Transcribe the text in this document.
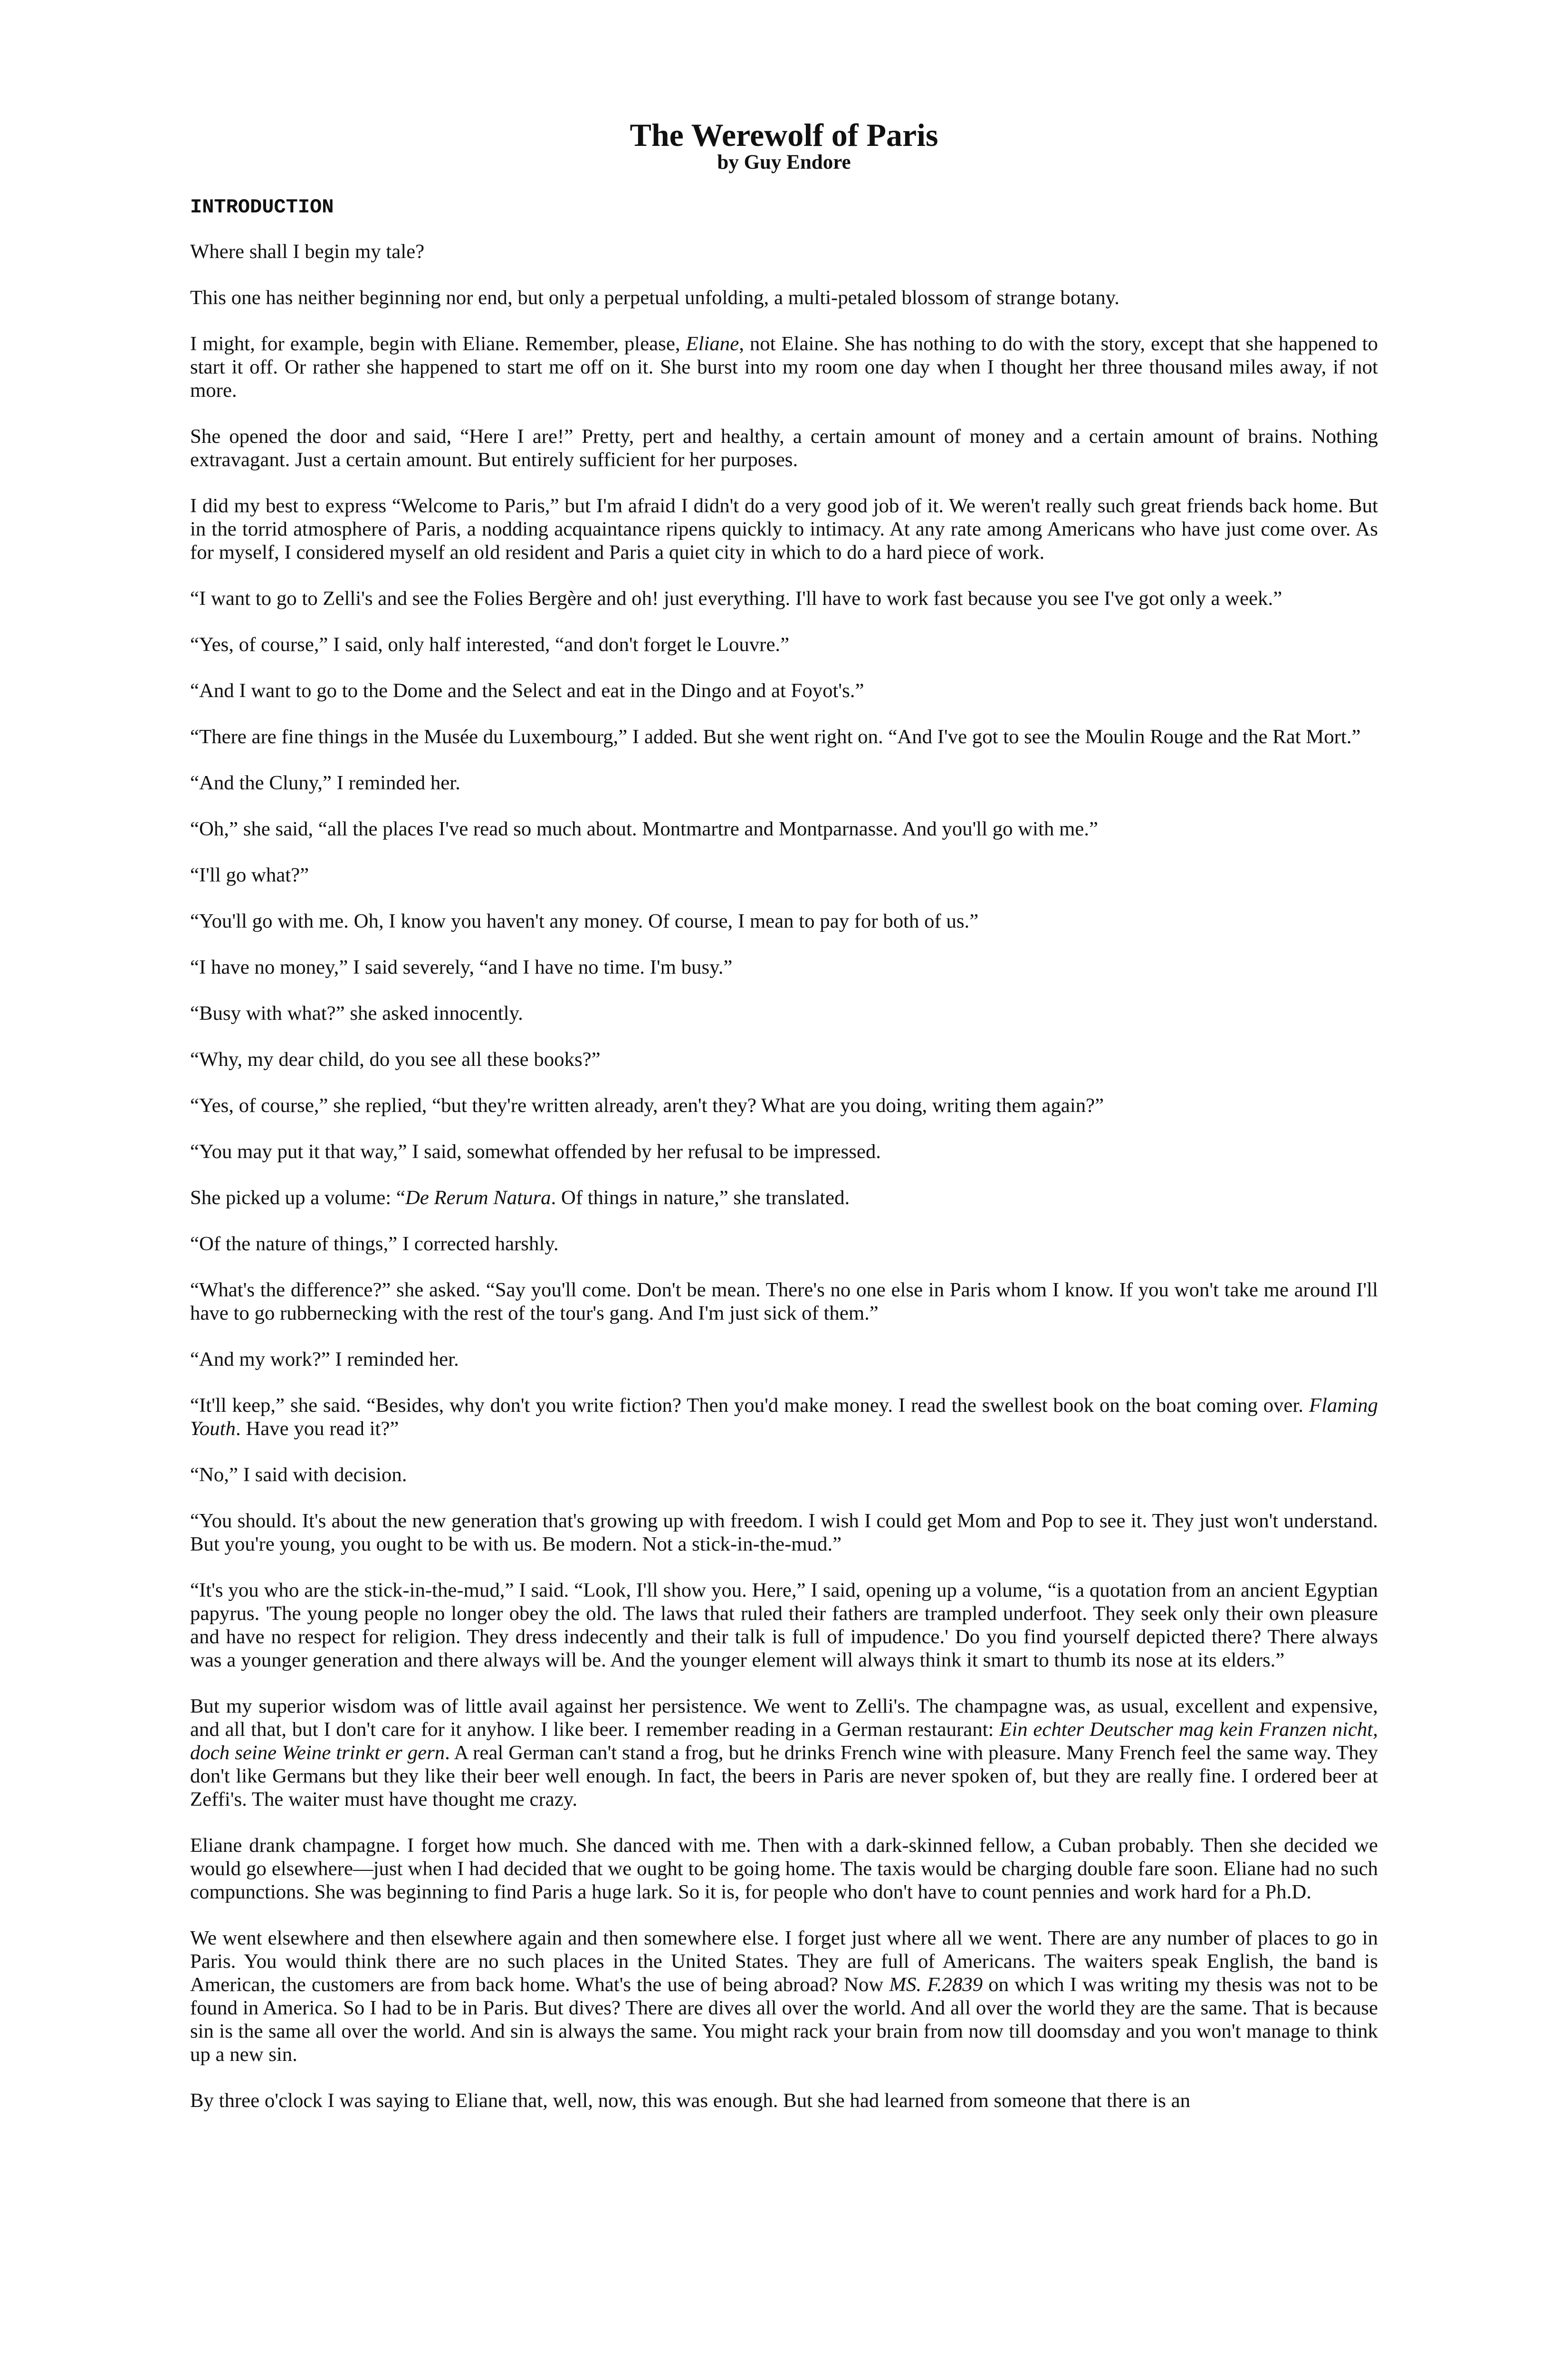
The Werewolf of Paris
by Guy Endore
INTRODUCTION

Where shall I begin my tale?

This one has neither beginning nor end, but only a perpetual unfolding, a multi-petaled blossom of strange botany.

I might, for example, begin with Eliane. Remember, please, Eliane, not Elaine. She has nothing to do with the story, except that she happened to start it off. Or rather she happened to start me off on it. She burst into my room one day when I thought her three thousand miles away, if not more.

She opened the door and said, “Here I are!” Pretty, pert and healthy, a certain amount of money and a certain amount of brains. Nothing extravagant. Just a certain amount. But entirely sufficient for her purposes.

I did my best to express “Welcome to Paris,” but I'm afraid I didn't do a very good job of it. We weren't really such great friends back home. But in the torrid atmosphere of Paris, a nodding acquaintance ripens quickly to intimacy. At any rate among Americans who have just come over. As for myself, I considered myself an old resident and Paris a quiet city in which to do a hard piece of work.

“I want to go to Zelli's and see the Folies Bergère and oh! just everything. I'll have to work fast because you see I've got only a week.”

“Yes, of course,” I said, only half interested, “and don't forget le Louvre.”

“And I want to go to the Dome and the Select and eat in the Dingo and at Foyot's.”

“There are fine things in the Musée du Luxembourg,” I added. But she went right on. “And I've got to see the Moulin Rouge and the Rat Mort.”

“And the Cluny,” I reminded her.

“Oh,” she said, “all the places I've read so much about. Montmartre and Montparnasse. And you'll go with me.”

“I'll go what?”

“You'll go with me. Oh, I know you haven't any money. Of course, I mean to pay for both of us.”

“I have no money,” I said severely, “and I have no time. I'm busy.”

“Busy with what?” she asked innocently.

“Why, my dear child, do you see all these books?”

“Yes, of course,” she replied, “but they're written already, aren't they? What are you doing, writing them again?”

“You may put it that way,” I said, somewhat offended by her refusal to be impressed.

She picked up a volume: “De Rerum Natura. Of things in nature,” she translated.

“Of the nature of things,” I corrected harshly.

“What's the difference?” she asked. “Say you'll come. Don't be mean. There's no one else in Paris whom I know. If you won't take me around I'll have to go rubbernecking with the rest of the tour's gang. And I'm just sick of them.”

“And my work?” I reminded her.

“It'll keep,” she said. “Besides, why don't you write fiction? Then you'd make money. I read the swellest book on the boat coming over. Flaming Youth. Have you read it?”

“No,” I said with decision.

“You should. It's about the new generation that's growing up with freedom. I wish I could get Mom and Pop to see it. They just won't understand. But you're young, you ought to be with us. Be modern. Not a stick-in-the-mud.”

“It's you who are the stick-in-the-mud,” I said. “Look, I'll show you. Here,” I said, opening up a volume, “is a quotation from an ancient Egyptian papyrus. 'The young people no longer obey the old. The laws that ruled their fathers are trampled underfoot. They seek only their own pleasure and have no respect for religion. They dress indecently and their talk is full of impudence.' Do you find yourself depicted there? There always was a younger generation and there always will be. And the younger element will always think it smart to thumb its nose at its elders.”

But my superior wisdom was of little avail against her persistence. We went to Zelli's. The champagne was, as usual, excellent and expensive, and all that, but I don't care for it anyhow. I like beer. I remember reading in a German restaurant: Ein echter Deutscher mag kein Franzen nicht, doch seine Weine trinkt er gern. A real German can't stand a frog, but he drinks French wine with pleasure. Many French feel the same way. They don't like Germans but they like their beer well enough. In fact, the beers in Paris are never spoken of, but they are really fine. I ordered beer at Zeffi's. The waiter must have thought me crazy.

Eliane drank champagne. I forget how much. She danced with me. Then with a dark-skinned fellow, a Cuban probably. Then she decided we would go elsewhere—just when I had decided that we ought to be going home. The taxis would be charging double fare soon. Eliane had no such compunctions. She was beginning to find Paris a huge lark. So it is, for people who don't have to count pennies and work hard for a Ph.D.

We went elsewhere and then elsewhere again and then somewhere else. I forget just where all we went. There are any number of places to go in Paris. You would think there are no such places in the United States. They are full of Americans. The waiters speak English, the band is American, the customers are from back home. What's the use of being abroad? Now MS. F.2839 on which I was writing my thesis was not to be found in America. So I had to be in Paris. But dives? There are dives all over the world. And all over the world they are the same. That is because sin is the same all over the world. And sin is always the same. You might rack your brain from now till doomsday and you won't manage to think up a new sin.

By three o'clock I was saying to Eliane that, well, now, this was enough. But she had learned from someone that there is an
